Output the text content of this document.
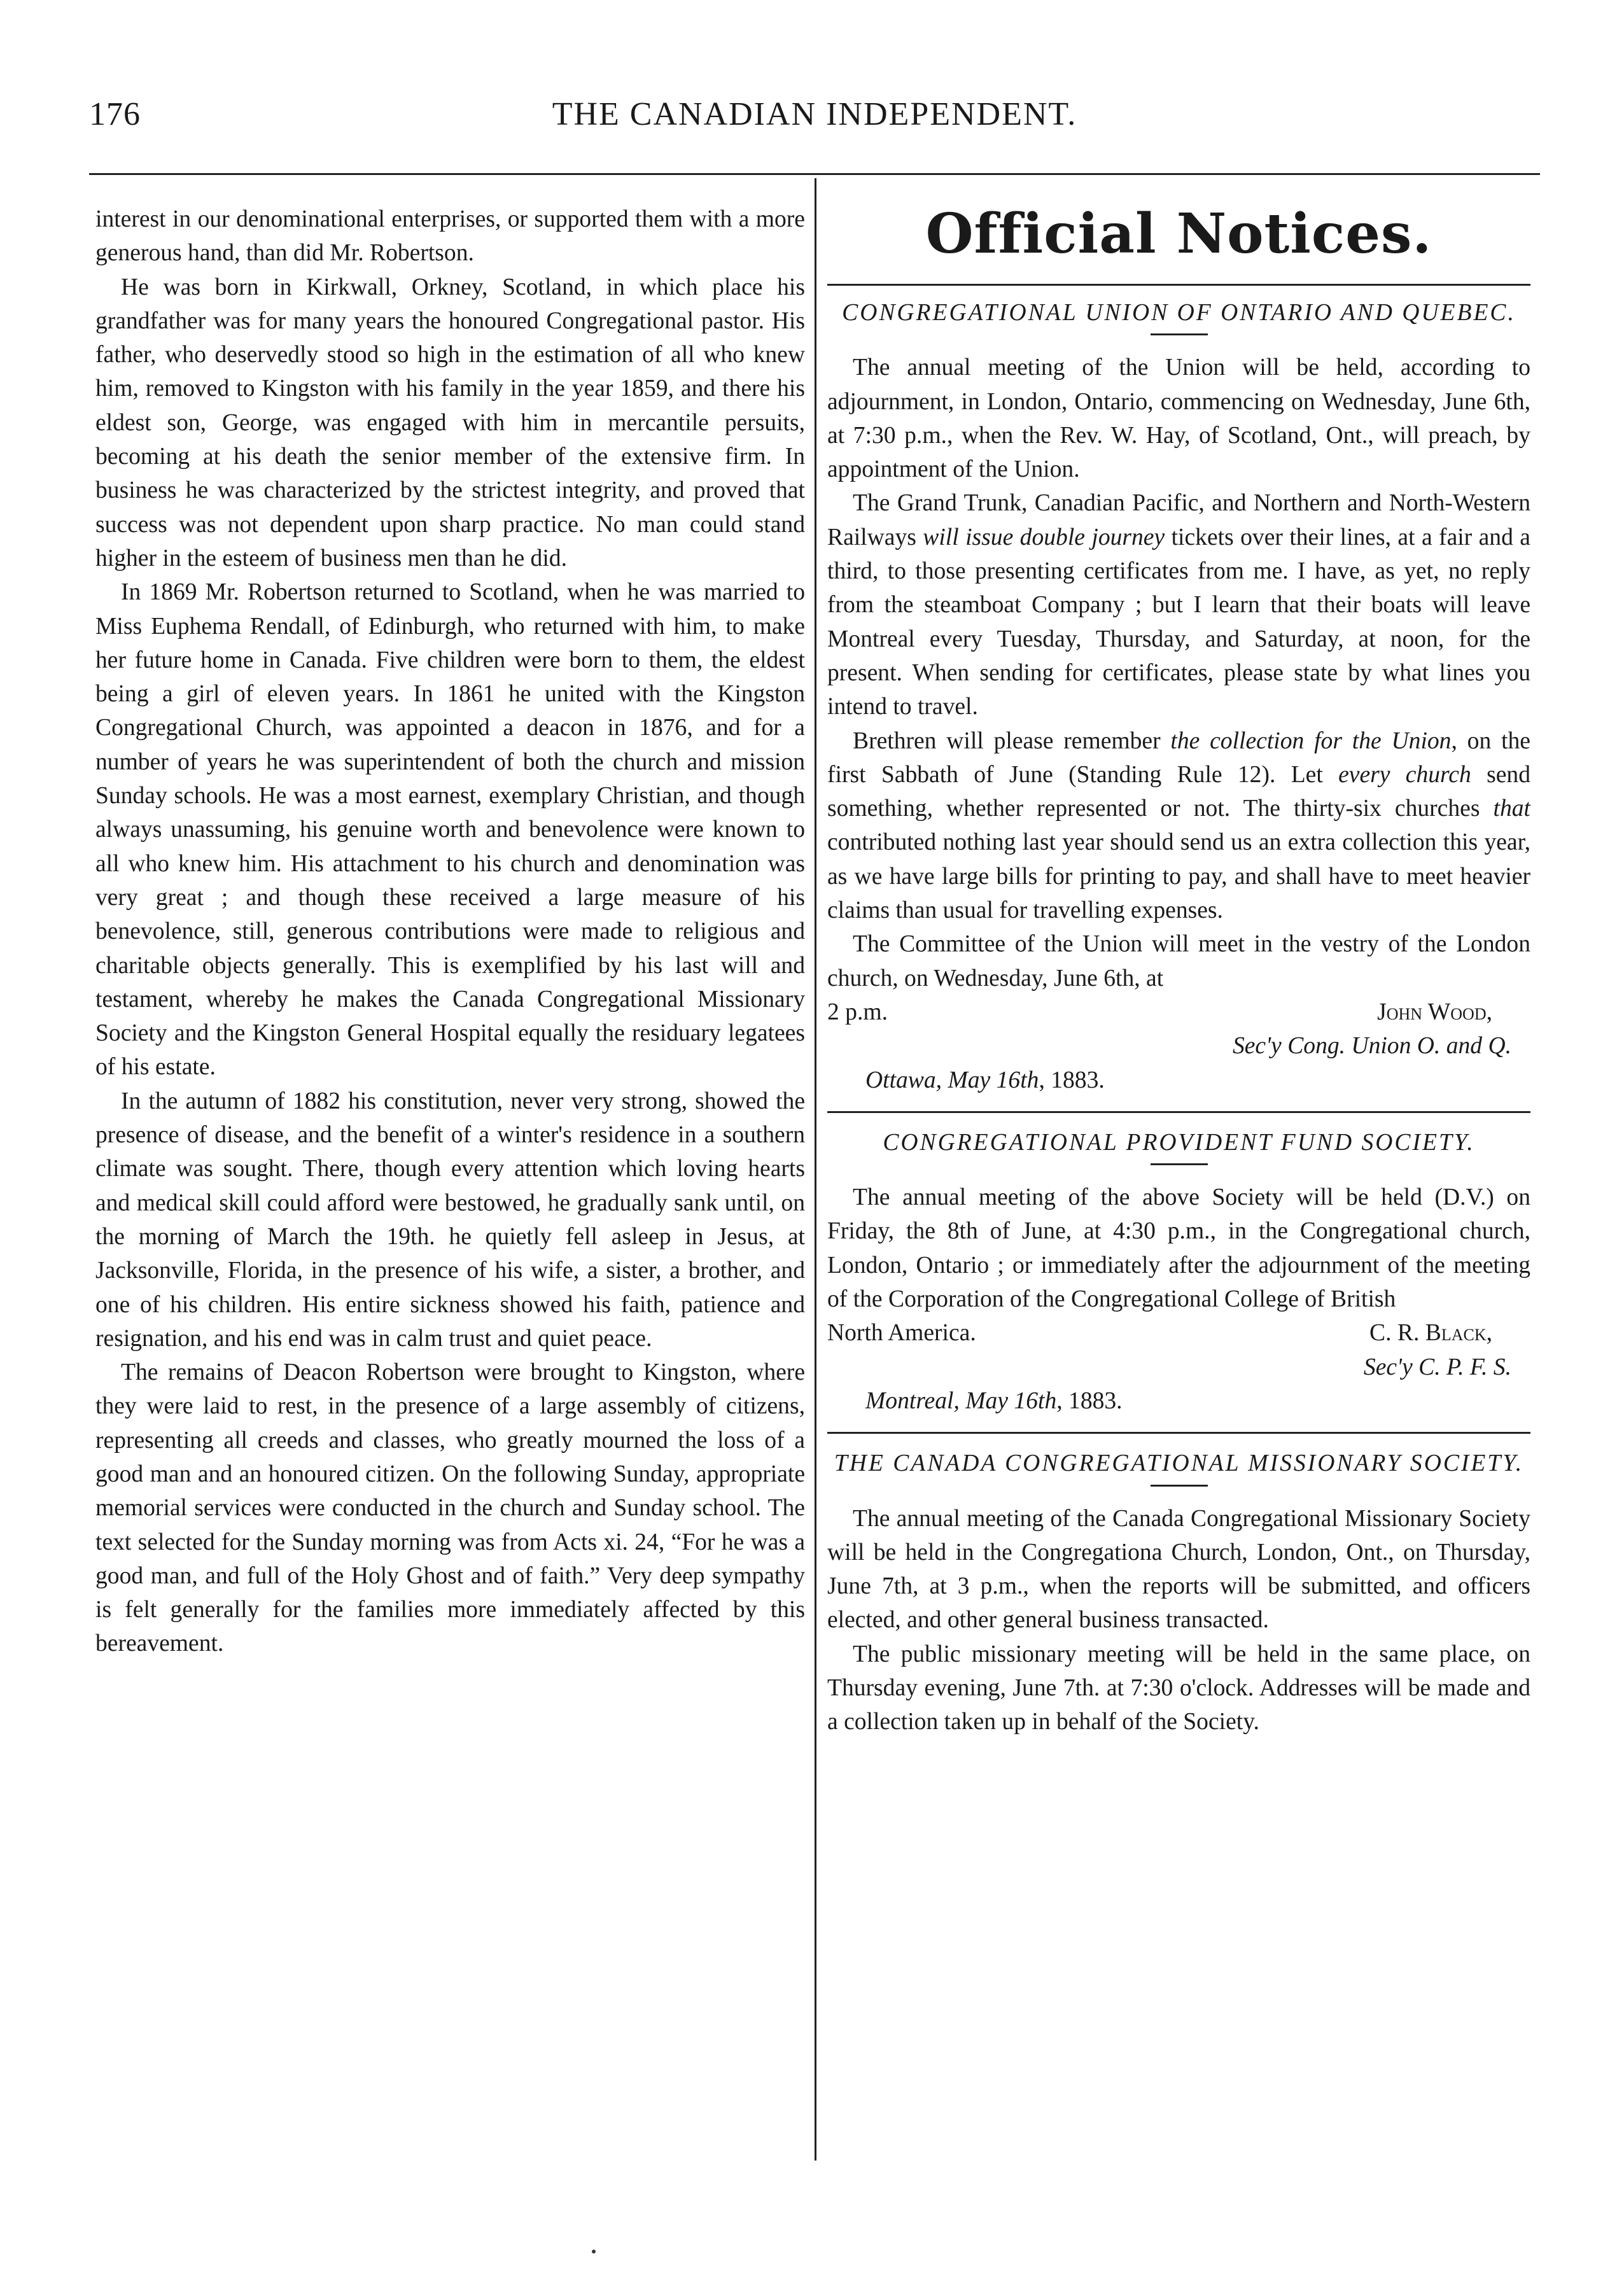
176	THE CANADIAN INDEPENDENT.

interest in our denominational enterprises, or supported them with a more generous hand, than did Mr. Robertson.

He was born in Kirkwall, Orkney, Scotland, in which place his grandfather was for many years the honoured Congregational pastor. His father, who deservedly stood so high in the estimation of all who knew him, removed to Kingston with his family in the year 1859, and there his eldest son, George, was engaged with him in mercantile persuits, becoming at his death the senior member of the extensive firm. In business he was characterized by the strictest integrity, and proved that success was not dependent upon sharp practice. No man could stand higher in the esteem of business men than he did.

In 1869 Mr. Robertson returned to Scotland, when he was married to Miss Euphema Rendall, of Edinburgh, who returned with him, to make her future home in Canada. Five children were born to them, the eldest being a girl of eleven years. In 1861 he united with the Kingston Congregational Church, was appointed a deacon in 1876, and for a number of years he was superintendent of both the church and mission Sunday schools. He was a most earnest, exemplary Christian, and though always unassuming, his genuine worth and benevolence were known to all who knew him. His attachment to his church and denomination was very great ; and though these received a large measure of his benevolence, still, generous contributions were made to religious and charitable objects generally. This is exemplified by his last will and testament, whereby he makes the Canada Congregational Missionary Society and the Kingston General Hospital equally the residuary legatees of his estate.

In the autumn of 1882 his constitution, never very strong, showed the presence of disease, and the benefit of a winter's residence in a southern climate was sought. There, though every attention which loving hearts and medical skill could afford were bestowed, he gradually sank until, on the morning of March the 19th. he quietly fell asleep in Jesus, at Jacksonville, Florida, in the presence of his wife, a sister, a brother, and one of his children. His entire sickness showed his faith, patience and resignation, and his end was in calm trust and quiet peace.

The remains of Deacon Robertson were brought to Kingston, where they were laid to rest, in the presence of a large assembly of citizens, representing all creeds and classes, who greatly mourned the loss of a good man and an honoured citizen. On the following Sunday, appropriate memorial services were conducted in the church and Sunday school. The text selected for the Sunday morning was from Acts xi. 24, “For he was a good man, and full of the Holy Ghost and of faith.” Very deep sympathy is felt generally for the families more immediately affected by this bereavement.

Official Notices.
CONGREGATIONAL UNION OF ONTARIO AND QUEBEC.

The annual meeting of the Union will be held, according to adjournment, in London, Ontario, commencing on Wednesday, June 6th, at 7:30 p.m., when the Rev. W. Hay, of Scotland, Ont., will preach, by appointment of the Union.

The Grand Trunk, Canadian Pacific, and Northern and North-Western Railways will issue double journey tickets over their lines, at a fair and a third, to those presenting certificates from me. I have, as yet, no reply from the steamboat Company ; but I learn that their boats will leave Montreal every Tuesday, Thursday, and Saturday, at noon, for the present. When sending for certificates, please state by what lines you intend to travel.

Brethren will please remember the collection for the Union, on the first Sabbath of June (Standing Rule 12). Let every church send something, whether represented or not. The thirty-six churches that contributed nothing last year should send us an extra collection this year, as we have large bills for printing to pay, and shall have to meet heavier claims than usual for travelling expenses.

The Committee of the Union will meet in the vestry of the London church, on Wednesday, June 6th, at

2 p.m.	John Wood,
Sec'y Cong. Union O. and Q.
Ottawa, May 16th, 1883.
CONGREGATIONAL PROVIDENT FUND SOCIETY.

The annual meeting of the above Society will be held (D.V.) on Friday, the 8th of June, at 4:30 p.m., in the Congregational church, London, Ontario ; or immediately after the adjournment of the meeting of the Corporation of the Congregational College of British

North America.	C. R. Black,
Sec'y C. P. F. S.
Montreal, May 16th, 1883.
THE CANADA CONGREGATIONAL MISSIONARY SOCIETY.

The annual meeting of the Canada Congregational Missionary Society will be held in the Congregationa Church, London, Ont., on Thursday, June 7th, at 3 p.m., when the reports will be submitted, and officers elected, and other general business transacted.

The public missionary meeting will be held in the same place, on Thursday evening, June 7th. at 7:30 o'clock. Addresses will be made and a collection taken up in behalf of the Society.
